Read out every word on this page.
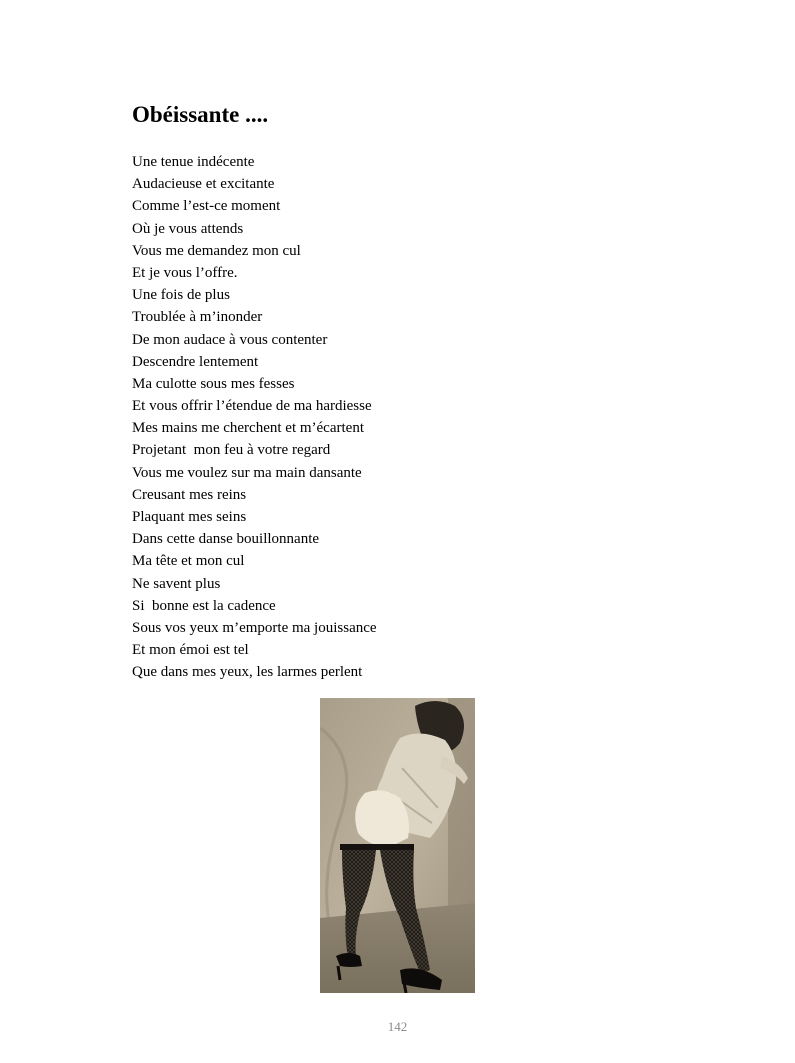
Obéissante ....
Une tenue indécente
Audacieuse et excitante
Comme l’est-ce moment
Où je vous attends
Vous me demandez mon cul
Et je vous l’offre.
Une fois de plus
Troublée à m’inonder
De mon audace à vous contenter
Descendre lentement
Ma culotte sous mes fesses
Et vous offrir l’étendue de ma hardiesse
Mes mains me cherchent et m’écartent
Projetant  mon feu à votre regard
Vous me voulez sur ma main dansante
Creusant mes reins
Plaquant mes seins
Dans cette danse bouillonnante
Ma tête et mon cul
Ne savent plus
Si  bonne est la cadence
Sous vos yeux m’emporte ma jouissance
Et mon émoi est tel
Que dans mes yeux, les larmes perlent
142
